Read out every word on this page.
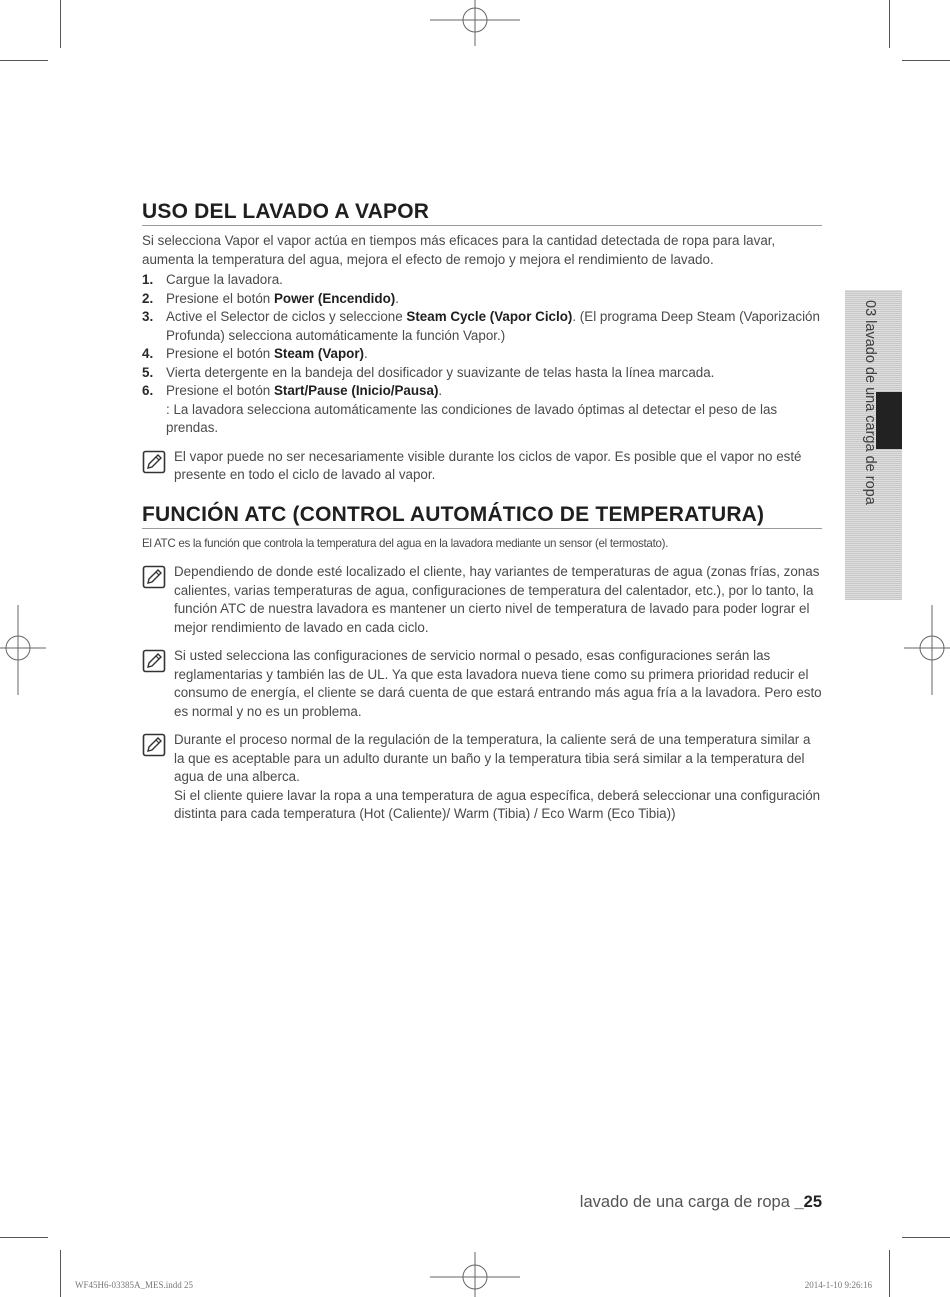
03 lavado de una carga de ropa
USO DEL LAVADO A VAPOR

Si selecciona Vapor el vapor actúa en tiempos más eficaces para la cantidad detectada de ropa para lavar, aumenta la temperatura del agua, mejora el efecto de remojo y mejora el rendimiento de lavado.

1. Cargue la lavadora.
2. Presione el botón Power (Encendido).
3. Active el Selector de ciclos y seleccione Steam Cycle (Vapor Ciclo). (El programa Deep Steam (Vaporización Profunda) selecciona automáticamente la función Vapor.)
4. Presione el botón Steam (Vapor).
5. Vierta detergente en la bandeja del dosificador y suavizante de telas hasta la línea marcada.
6. Presione el botón Start/Pause (Inicio/Pausa).
: La lavadora selecciona automáticamente las condiciones de lavado óptimas al detectar el peso de las prendas.

El vapor puede no ser necesariamente visible durante los ciclos de vapor. Es posible que el vapor no esté presente en todo el ciclo de lavado al vapor.

FUNCIÓN ATC (CONTROL AUTOMÁTICO DE TEMPERATURA)

El ATC es la función que controla la temperatura del agua en la lavadora mediante un sensor (el termostato).

Dependiendo de donde esté localizado el cliente, hay variantes de temperaturas de agua (zonas frías, zonas calientes, varias temperaturas de agua, configuraciones de temperatura del calentador, etc.), por lo tanto, la función ATC de nuestra lavadora es mantener un cierto nivel de temperatura de lavado para poder lograr el mejor rendimiento de lavado en cada ciclo.

Si usted selecciona las configuraciones de servicio normal o pesado, esas configuraciones serán las reglamentarias y también las de UL. Ya que esta lavadora nueva tiene como su primera prioridad reducir el consumo de energía, el cliente se dará cuenta de que estará entrando más agua fría a la lavadora. Pero esto es normal y no es un problema.

Durante el proceso normal de la regulación de la temperatura, la caliente será de una temperatura similar a la que es aceptable para un adulto durante un baño y la temperatura tibia será similar a la temperatura del agua de una alberca.

Si el cliente quiere lavar la ropa a una temperatura de agua específica, deberá seleccionar una configuración distinta para cada temperatura (Hot (Caliente)/ Warm (Tibia) / Eco Warm (Eco Tibia))

lavado de una carga de ropa _25
WF45H6-03385A_MES.indd 25	2014-1-10 9:26:16
